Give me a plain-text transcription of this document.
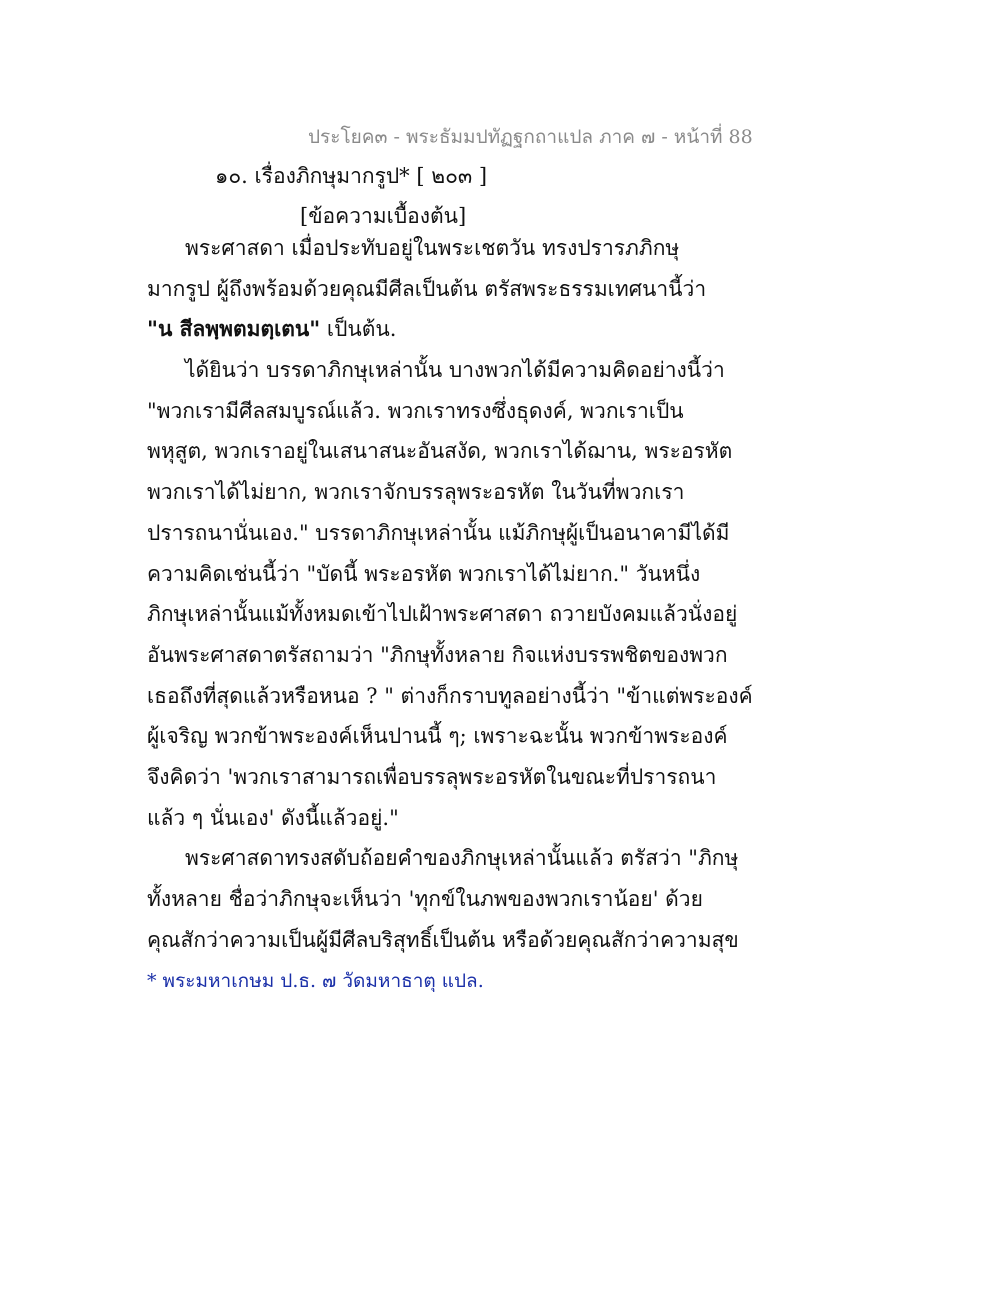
ประโยค๓ - พระธัมมปทัฏฐกถาแปล ภาค ๗ - หน้าที่ 88
๑๐. เรื่องภิกษุมากรูป* [ ๒๐๓ ]
[ข้อความเบื้องต้น]
พระศาสดา เมื่อประทับอยู่ในพระเชตวัน ทรงปรารภภิกษุ
มากรูป ผู้ถึงพร้อมด้วยคุณมีศีลเป็นต้น ตรัสพระธรรมเทศนานี้ว่า
"น สีลพฺพตมตฺเตน" เป็นต้น.
ได้ยินว่า บรรดาภิกษุเหล่านั้น บางพวกได้มีความคิดอย่างนี้ว่า
"พวกเรามีศีลสมบูรณ์แล้ว. พวกเราทรงซึ่งธุดงค์, พวกเราเป็น
พหุสูต, พวกเราอยู่ในเสนาสนะอันสงัด, พวกเราได้ฌาน, พระอรหัต
พวกเราได้ไม่ยาก, พวกเราจักบรรลุพระอรหัต ในวันที่พวกเรา
ปรารถนานั่นเอง." บรรดาภิกษุเหล่านั้น แม้ภิกษุผู้เป็นอนาคามีได้มี
ความคิดเช่นนี้ว่า "บัดนี้ พระอรหัต พวกเราได้ไม่ยาก." วันหนึ่ง
ภิกษุเหล่านั้นแม้ทั้งหมดเข้าไปเฝ้าพระศาสดา ถวายบังคมแล้วนั่งอยู่
อันพระศาสดาตรัสถามว่า "ภิกษุทั้งหลาย กิจแห่งบรรพชิตของพวก
เธอถึงที่สุดแล้วหรือหนอ ? " ต่างก็กราบทูลอย่างนี้ว่า "ข้าแต่พระองค์
ผู้เจริญ พวกข้าพระองค์เห็นปานนี้ ๆ; เพราะฉะนั้น พวกข้าพระองค์
จึงคิดว่า 'พวกเราสามารถเพื่อบรรลุพระอรหัตในขณะที่ปรารถนา
แล้ว ๆ นั่นเอง' ดังนี้แล้วอยู่."
พระศาสดาทรงสดับถ้อยคำของภิกษุเหล่านั้นแล้ว ตรัสว่า "ภิกษุ
ทั้งหลาย ชื่อว่าภิกษุจะเห็นว่า 'ทุกข์ในภพของพวกเราน้อย' ด้วย
คุณสักว่าความเป็นผู้มีศีลบริสุทธิ์เป็นต้น หรือด้วยคุณสักว่าความสุข
* พระมหาเกษม ป.ธ. ๗ วัดมหาธาตุ แปล.
